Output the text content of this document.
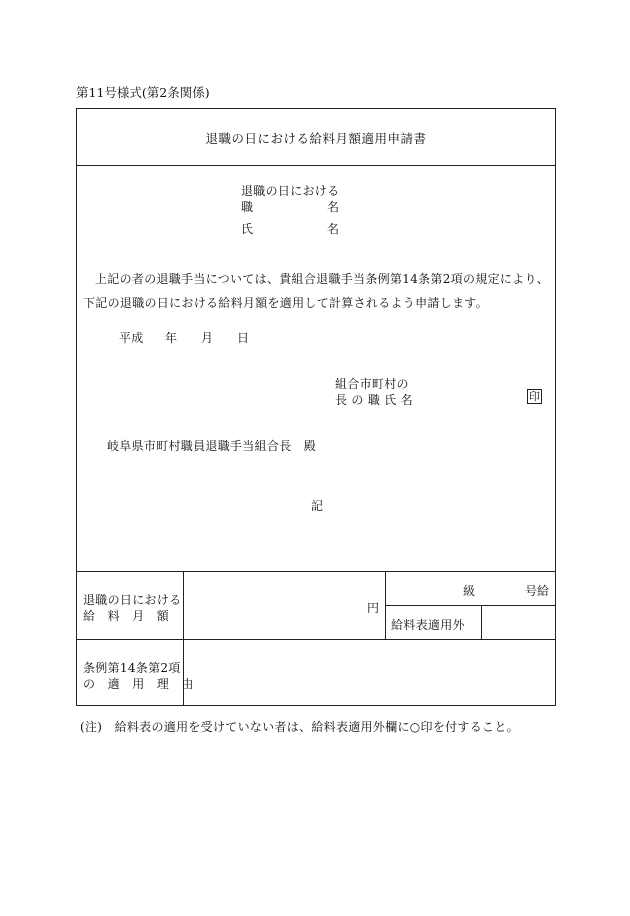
第11号様式(第2条関係)
退職の日における給料月額適用申請書
退職の日における
職	名
氏	名
上記の者の退職手当については、貴組合退職手当条例第14条第2項の規定により、下記の退職の日における給料月額を適用して計算されるよう申請します。
平成 年 月 日
組合市町村の
長 の 職 氏 名	印
岐阜県市町村職員退職手当組合長　殿
記
退職の日における
給　料　月　額
円
級	号給
給料表適用外
条例第14条第2項
の　適　用　理　由
(注)　給料表の適用を受けていない者は、給料表適用外欄に○印を付すること。
